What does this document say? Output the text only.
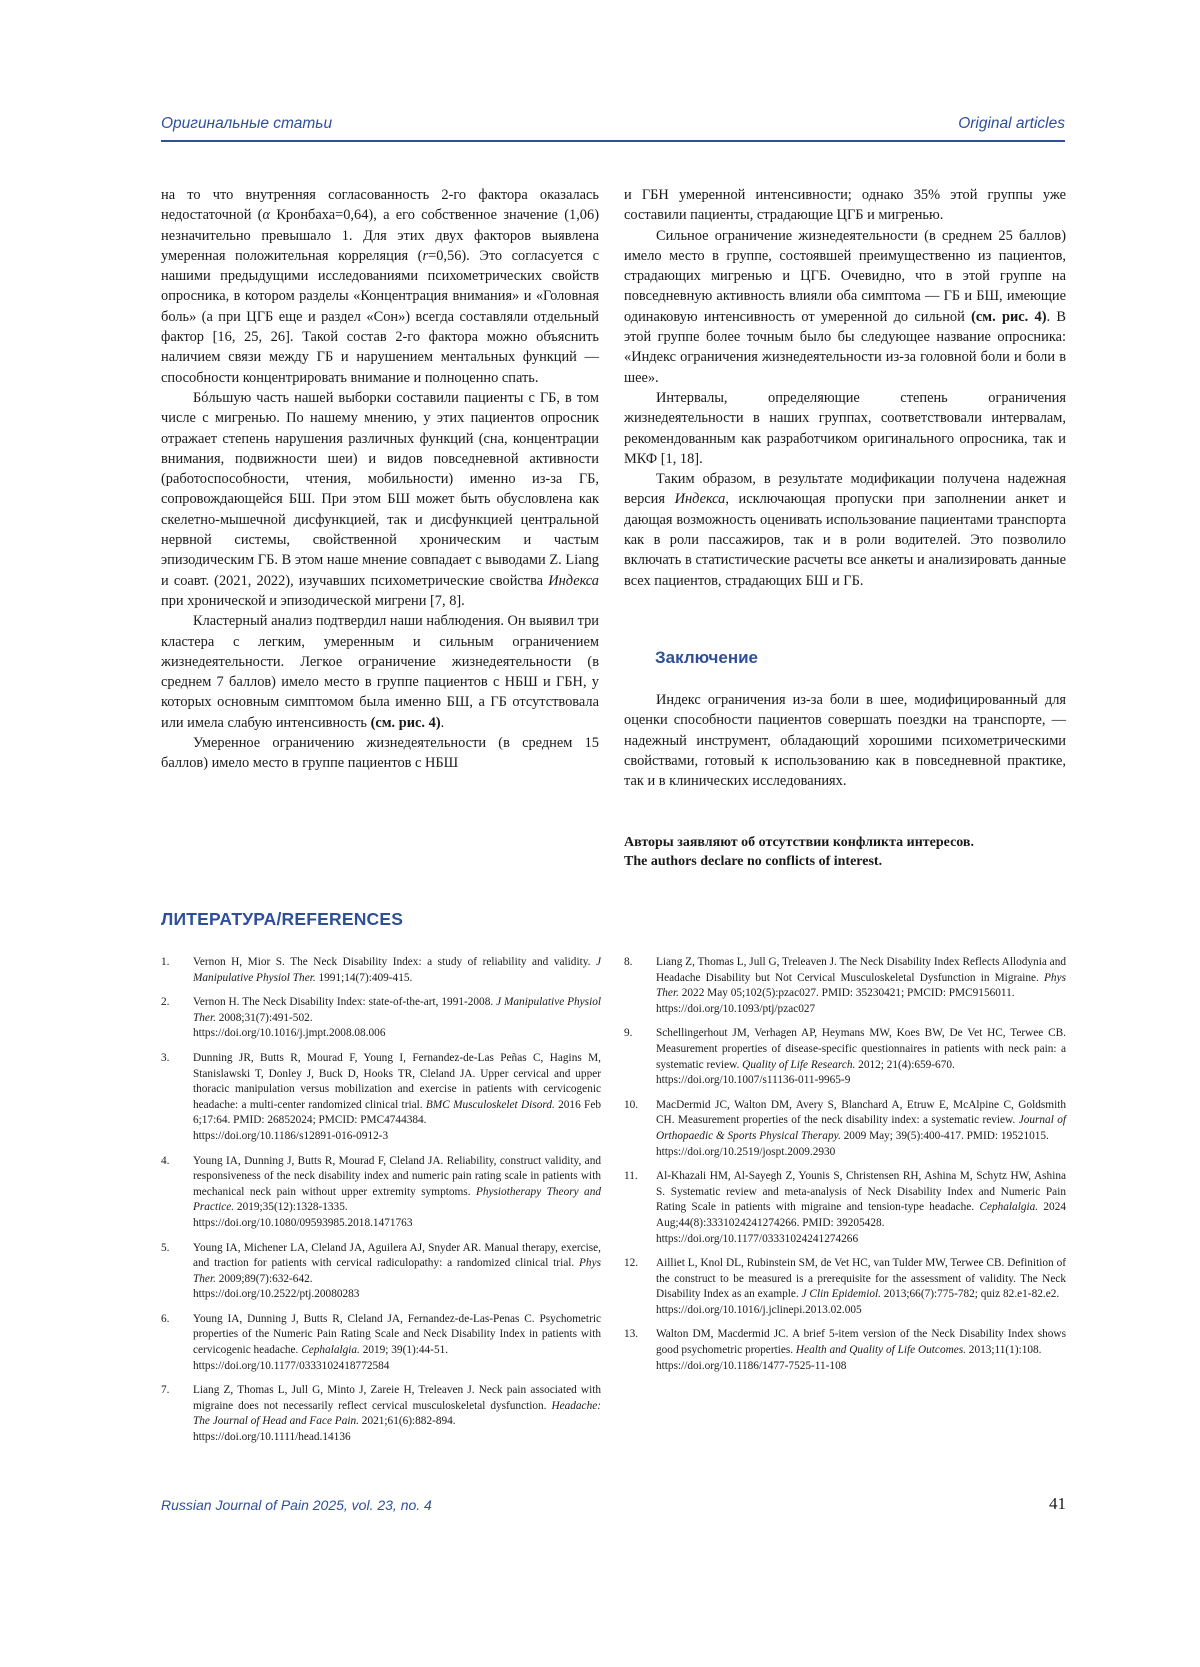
Оригинальные статьи	Original articles

на то что внутренняя согласованность 2-го фактора оказалась недостаточной (α Кронбаха=0,64), а его собственное значение (1,06) незначительно превышало 1. Для этих двух факторов выявлена умеренная положительная корреляция (r=0,56). Это согласуется с нашими предыдущими исследованиями психометрических свойств опросника, в котором разделы «Концентрация внимания» и «Головная боль» (а при ЦГБ еще и раздел «Сон») всегда составляли отдельный фактор [16, 25, 26]. Такой состав 2-го фактора можно объяснить наличием связи между ГБ и нарушением ментальных функций — способности концентрировать внимание и полноценно спать.

Бóльшую часть нашей выборки составили пациенты с ГБ, в том числе с мигренью. По нашему мнению, у этих пациентов опросник отражает степень нарушения различных функций (сна, концентрации внимания, подвижности шеи) и видов повседневной активности (работоспособности, чтения, мобильности) именно из-за ГБ, сопровождающейся БШ. При этом БШ может быть обусловлена как скелетно-мышечной дисфункцией, так и дисфункцией центральной нервной системы, свойственной хроническим и частым эпизодическим ГБ. В этом наше мнение совпадает с выводами Z. Liang и соавт. (2021, 2022), изучавших психометрические свойства Индекса при хронической и эпизодической мигрени [7, 8].

Кластерный анализ подтвердил наши наблюдения. Он выявил три кластера с легким, умеренным и сильным ограничением жизнедеятельности. Легкое ограничение жизнедеятельности (в среднем 7 баллов) имело место в группе пациентов с НБШ и ГБН, у которых основным симптомом была именно БШ, а ГБ отсутствовала или имела слабую интенсивность (см. рис. 4).

Умеренное ограничению жизнедеятельности (в среднем 15 баллов) имело место в группе пациентов с НБШ

и ГБН умеренной интенсивности; однако 35% этой группы уже составили пациенты, страдающие ЦГБ и мигренью.

Сильное ограничение жизнедеятельности (в среднем 25 баллов) имело место в группе, состоявшей преимущественно из пациентов, страдающих мигренью и ЦГБ. Очевидно, что в этой группе на повседневную активность влияли оба симптома — ГБ и БШ, имеющие одинаковую интенсивность от умеренной до сильной (см. рис. 4). В этой группе более точным было бы следующее название опросника: «Индекс ограничения жизнедеятельности из-за головной боли и боли в шее».

Интервалы, определяющие степень ограничения жизнедеятельности в наших группах, соответствовали интервалам, рекомендованным как разработчиком оригинального опросника, так и МКФ [1, 18].

Таким образом, в результате модификации получена надежная версия Индекса, исключающая пропуски при заполнении анкет и дающая возможность оценивать использование пациентами транспорта как в роли пассажиров, так и в роли водителей. Это позволило включать в статистические расчеты все анкеты и анализировать данные всех пациентов, страдающих БШ и ГБ.

Заключение

Индекс ограничения из-за боли в шее, модифицированный для оценки способности пациентов совершать поездки на транспорте, — надежный инструмент, обладающий хорошими психометрическими свойствами, готовый к использованию как в повседневной практике, так и в клинических исследованиях.

Авторы заявляют об отсутствии конфликта интересов.
The authors declare no conflicts of interest.
ЛИТЕРАТУРА/REFERENCES
1. Vernon H, Mior S. The Neck Disability Index: a study of reliability and validity. J Manipulative Physiol Ther. 1991;14(7):409-415.
2. Vernon H. The Neck Disability Index: state-of-the-art, 1991-2008. J Manipulative Physiol Ther. 2008;31(7):491-502.
https://doi.org/10.1016/j.jmpt.2008.08.006
3. Dunning JR, Butts R, Mourad F, Young I, Fernandez-de-Las Peñas C, Hagins M, Stanislawski T, Donley J, Buck D, Hooks TR, Cleland JA. Upper cervical and upper thoracic manipulation versus mobilization and exercise in patients with cervicogenic headache: a multi-center randomized clinical trial. BMC Musculoskelet Disord. 2016 Feb 6;17:64. PMID: 26852024; PMCID: PMC4744384.
https://doi.org/10.1186/s12891-016-0912-3
4. Young IA, Dunning J, Butts R, Mourad F, Cleland JA. Reliability, construct validity, and responsiveness of the neck disability index and numeric pain rating scale in patients with mechanical neck pain without upper extremity symptoms. Physiotherapy Theory and Practice. 2019;35(12):1328-1335.
https://doi.org/10.1080/09593985.2018.1471763
5. Young IA, Michener LA, Cleland JA, Aguilera AJ, Snyder AR. Manual therapy, exercise, and traction for patients with cervical radiculopathy: a randomized clinical trial. Phys Ther. 2009;89(7):632-642.
https://doi.org/10.2522/ptj.20080283
6. Young IA, Dunning J, Butts R, Cleland JA, Fernandez-de-Las-Penas C. Psychometric properties of the Numeric Pain Rating Scale and Neck Disability Index in patients with cervicogenic headache. Cephalalgia. 2019; 39(1):44-51.
https://doi.org/10.1177/0333102418772584
7. Liang Z, Thomas L, Jull G, Minto J, Zareie H, Treleaven J. Neck pain associated with migraine does not necessarily reflect cervical musculoskeletal dysfunction. Headache: The Journal of Head and Face Pain. 2021;61(6):882-894.
https://doi.org/10.1111/head.14136
8. Liang Z, Thomas L, Jull G, Treleaven J. The Neck Disability Index Reflects Allodynia and Headache Disability but Not Cervical Musculoskeletal Dysfunction in Migraine. Phys Ther. 2022 May 05;102(5):pzac027. PMID: 35230421; PMCID: PMC9156011.
https://doi.org/10.1093/ptj/pzac027
9. Schellingerhout JM, Verhagen AP, Heymans MW, Koes BW, De Vet HC, Terwee CB. Measurement properties of disease-specific questionnaires in patients with neck pain: a systematic review. Quality of Life Research. 2012; 21(4):659-670.
https://doi.org/10.1007/s11136-011-9965-9
10. MacDermid JC, Walton DM, Avery S, Blanchard A, Etruw E, McAlpine C, Goldsmith CH. Measurement properties of the neck disability index: a systematic review. Journal of Orthopaedic & Sports Physical Therapy. 2009 May; 39(5):400-417. PMID: 19521015.
https://doi.org/10.2519/jospt.2009.2930
11. Al-Khazali HM, Al-Sayegh Z, Younis S, Christensen RH, Ashina M, Schytz HW, Ashina S. Systematic review and meta-analysis of Neck Disability Index and Numeric Pain Rating Scale in patients with migraine and tension-type headache. Cephalalgia. 2024 Aug;44(8):3331024241274266. PMID: 39205428.
https://doi.org/10.1177/03331024241274266
12. Ailliet L, Knol DL, Rubinstein SM, de Vet HC, van Tulder MW, Terwee CB. Definition of the construct to be measured is a prerequisite for the assessment of validity. The Neck Disability Index as an example. J Clin Epidemiol. 2013;66(7):775-782; quiz 82.e1-82.e2.
https://doi.org/10.1016/j.jclinepi.2013.02.005
13. Walton DM, Macdermid JC. A brief 5-item version of the Neck Disability Index shows good psychometric properties. Health and Quality of Life Outcomes. 2013;11(1):108.
https://doi.org/10.1186/1477-7525-11-108
Russian Journal of Pain 2025, vol. 23, no. 4	41
